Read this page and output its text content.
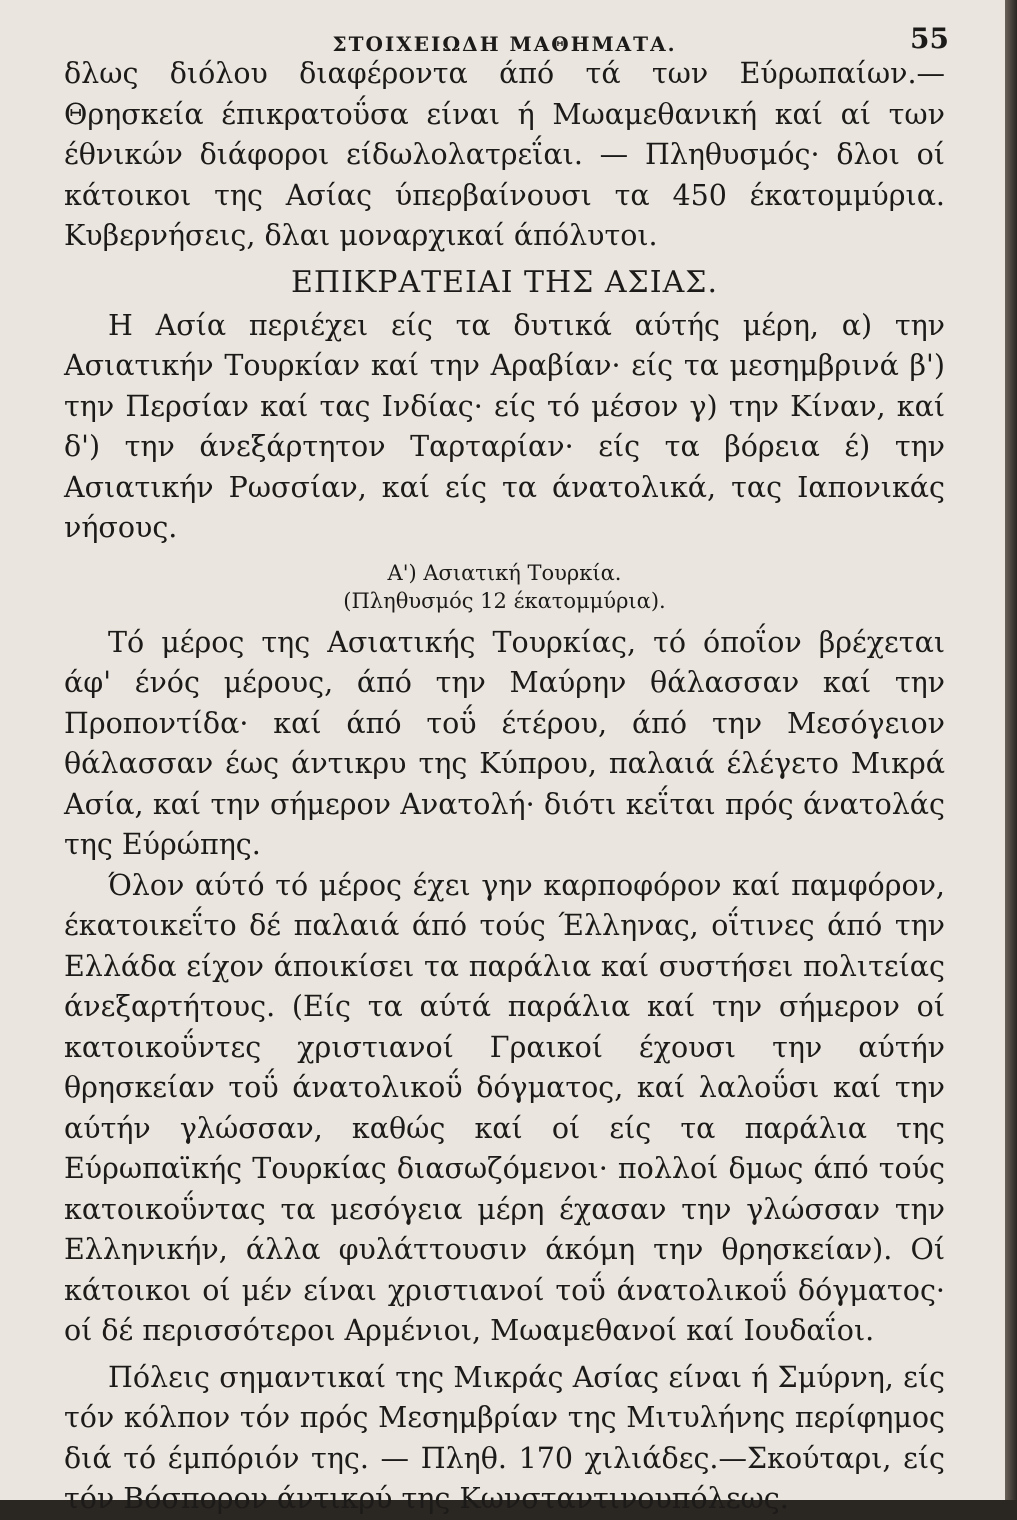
ΣΤΟΙΧΕΙΩΔΗ ΜΑΘΗΜΑΤΑ.	55

δλως διόλου διαφέροντα άπό τά των Εύρωπαίων.—Θρησκεία έπικρατοΰσα είναι ή Μωαμεθανική καί αί των έθνικών διάφοροι είδωλολατρεΐαι. — Πληθυσμός· δλοι οί κάτοικοι της Ασίας ύπερβαίνουσι τα 450 έκατομμύρια. Κυβερνήσεις, δλαι μοναρχικαί άπόλυτοι.

ΕΠΙΚΡΑΤΕΙΑΙ ΤΗΣ ΑΣΙΑΣ.

Η Ασία περιέχει είς τα δυτικά αύτής μέρη, α) την Ασιατικήν Τουρκίαν καί την Αραβίαν· είς τα μεσημβρινά β') την Περσίαν καί τας Ινδίας· είς τό μέσον γ) την Κίναν, καί δ') την άνεξάρτητον Ταρταρίαν· είς τα βόρεια έ) την Ασιατικήν Ρωσσίαν, καί είς τα άνατολικά, τας Ιαπονικάς νήσους.

Α') Ασιατική Τουρκία.
(Πληθυσμός 12 έκατομμύρια).

Τό μέρος της Ασιατικής Τουρκίας, τό όποΐον βρέχεται άφ' ένός μέρους, άπό την Μαύρην θάλασσαν καί την Προποντίδα· καί άπό τοΰ έτέρου, άπό την Μεσόγειον θάλασσαν έως άντικρυ της Κύπρου, παλαιά έλέγετο Μικρά Ασία, καί την σήμερον Ανατολή· διότι κεΐται πρός άνατολάς της Εύρώπης.

Όλον αύτό τό μέρος έχει γην καρποφόρον καί παμφόρον, έκατοικεΐτο δέ παλαιά άπό τούς Έλληνας, οΐτινες άπό την Ελλάδα είχον άποικίσει τα παράλια καί συστήσει πολιτείας άνεξαρτήτους. (Είς τα αύτά παράλια καί την σήμερον οί κατοικοΰντες χριστιανοί Γραικοί έχουσι την αύτήν θρησκείαν τοΰ άνατολικοΰ δόγματος, καί λαλοΰσι καί την αύτήν γλώσσαν, καθώς καί οί είς τα παράλια της Εύρωπαϊκής Τουρκίας διασωζόμενοι· πολλοί δμως άπό τούς κατοικοΰντας τα μεσόγεια μέρη έχασαν την γλώσσαν την Ελληνικήν, άλλα φυλάττουσιν άκόμη την θρησκείαν). Οί κάτοικοι οί μέν είναι χριστιανοί τοΰ άνατολικοΰ δόγματος· οί δέ περισσότεροι Αρμένιοι, Μωαμεθανοί καί Ιουδαΐοι.

Πόλεις σημαντικαί της Μικράς Ασίας είναι ή Σμύρνη, είς τόν κόλπον τόν πρός Μεσημβρίαν της Μιτυλήνης περίφημος διά τό έμπόριόν της. — Πληθ. 170 χιλιάδες.—Σκούταρι, είς τόν Βόσπορον άντικρύ της Κωνσταντινουπόλεως.
